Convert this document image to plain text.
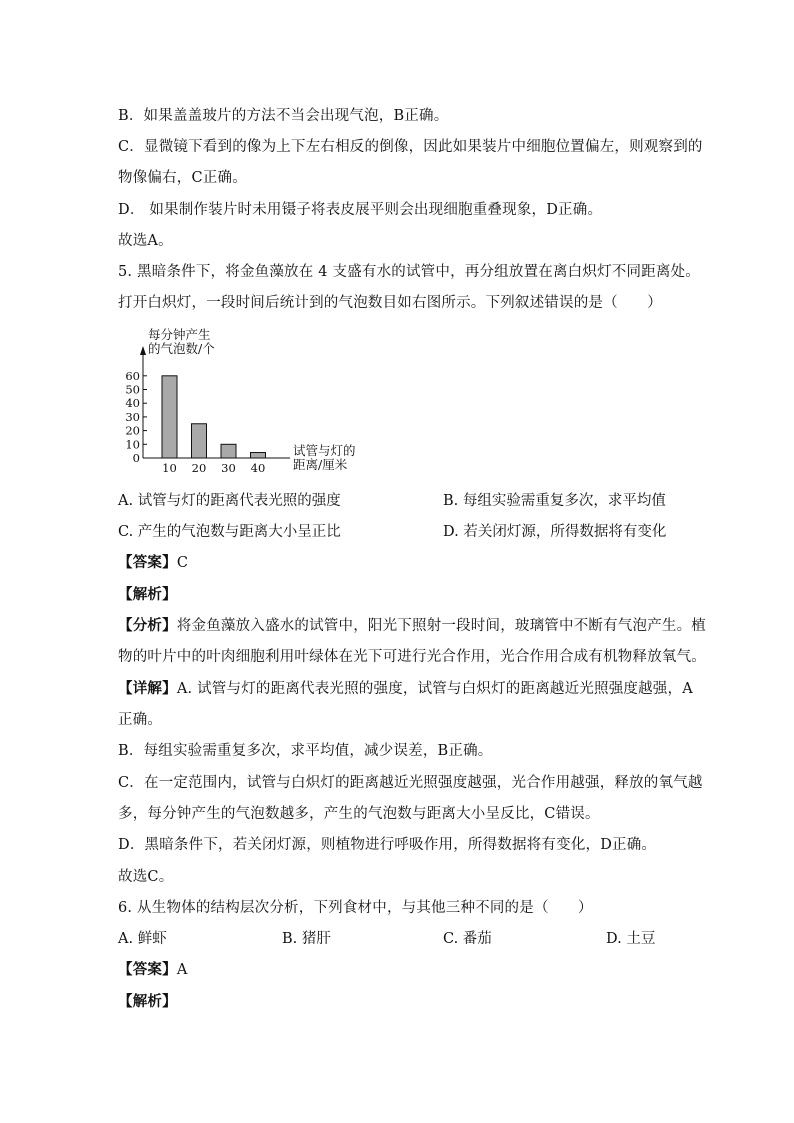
B．如果盖盖玻片的方法不当会出现气泡，B正确。
C．显微镜下看到的像为上下左右相反的倒像，因此如果装片中细胞位置偏左，则观察到的
物像偏右，C正确。
D． 如果制作装片时未用镊子将表皮展平则会出现细胞重叠现象，D正确。
故选A。
5. 黑暗条件下，将金鱼藻放在 4 支盛有水的试管中，再分组放置在离白炽灯不同距离处。
打开白炽灯，一段时间后统计到的气泡数目如右图所示。下列叙述错误的是（　　）
每分钟产生
的气泡数/个
试管与灯的
距离/厘米
0
10
20
30
40
50
60
10 20 30 40
A. 试管与灯的距离代表光照的强度	B. 每组实验需重复多次，求平均值
C. 产生的气泡数与距离大小呈正比	D. 若关闭灯源，所得数据将有变化
【答案】C
【解析】
【分析】将金鱼藻放入盛水的试管中，阳光下照射一段时间，玻璃管中不断有气泡产生。植
物的叶片中的叶肉细胞利用叶绿体在光下可进行光合作用，光合作用合成有机物释放氧气。
【详解】A. 试管与灯的距离代表光照的强度，试管与白炽灯的距离越近光照强度越强，A
正确。
B．每组实验需重复多次，求平均值，减少误差，B正确。
C．在一定范围内，试管与白炽灯的距离越近光照强度越强，光合作用越强，释放的氧气越
多，每分钟产生的气泡数越多，产生的气泡数与距离大小呈反比，C错误。
D．黑暗条件下，若关闭灯源，则植物进行呼吸作用，所得数据将有变化，D正确。
故选C。
6. 从生物体的结构层次分析，下列食材中，与其他三种不同的是（　　）
A. 鲜虾	B. 猪肝	C. 番茄	D. 土豆
【答案】A
【解析】
